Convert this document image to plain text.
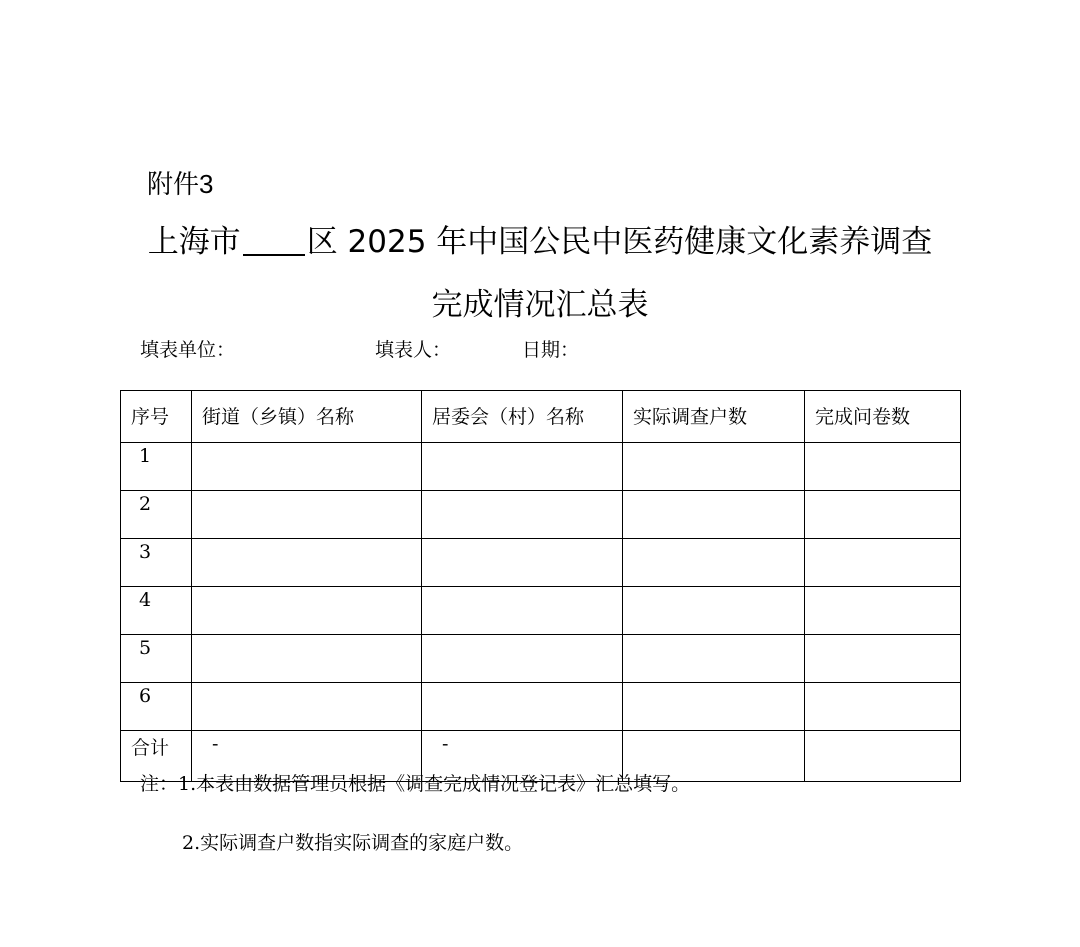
附件3
上海市 区 2025 年中国公民中医药健康文化素养调查
完成情况汇总表
填表单位：	填表人：	日期：
序号	街道（乡镇）名称	居委会（村）名称	实际调查户数	完成问卷数
1				
2				
3				
4				
5				
6				
合计	-	-		
注：1.本表由数据管理员根据《调查完成情况登记表》汇总填写。
2.实际调查户数指实际调查的家庭户数。
